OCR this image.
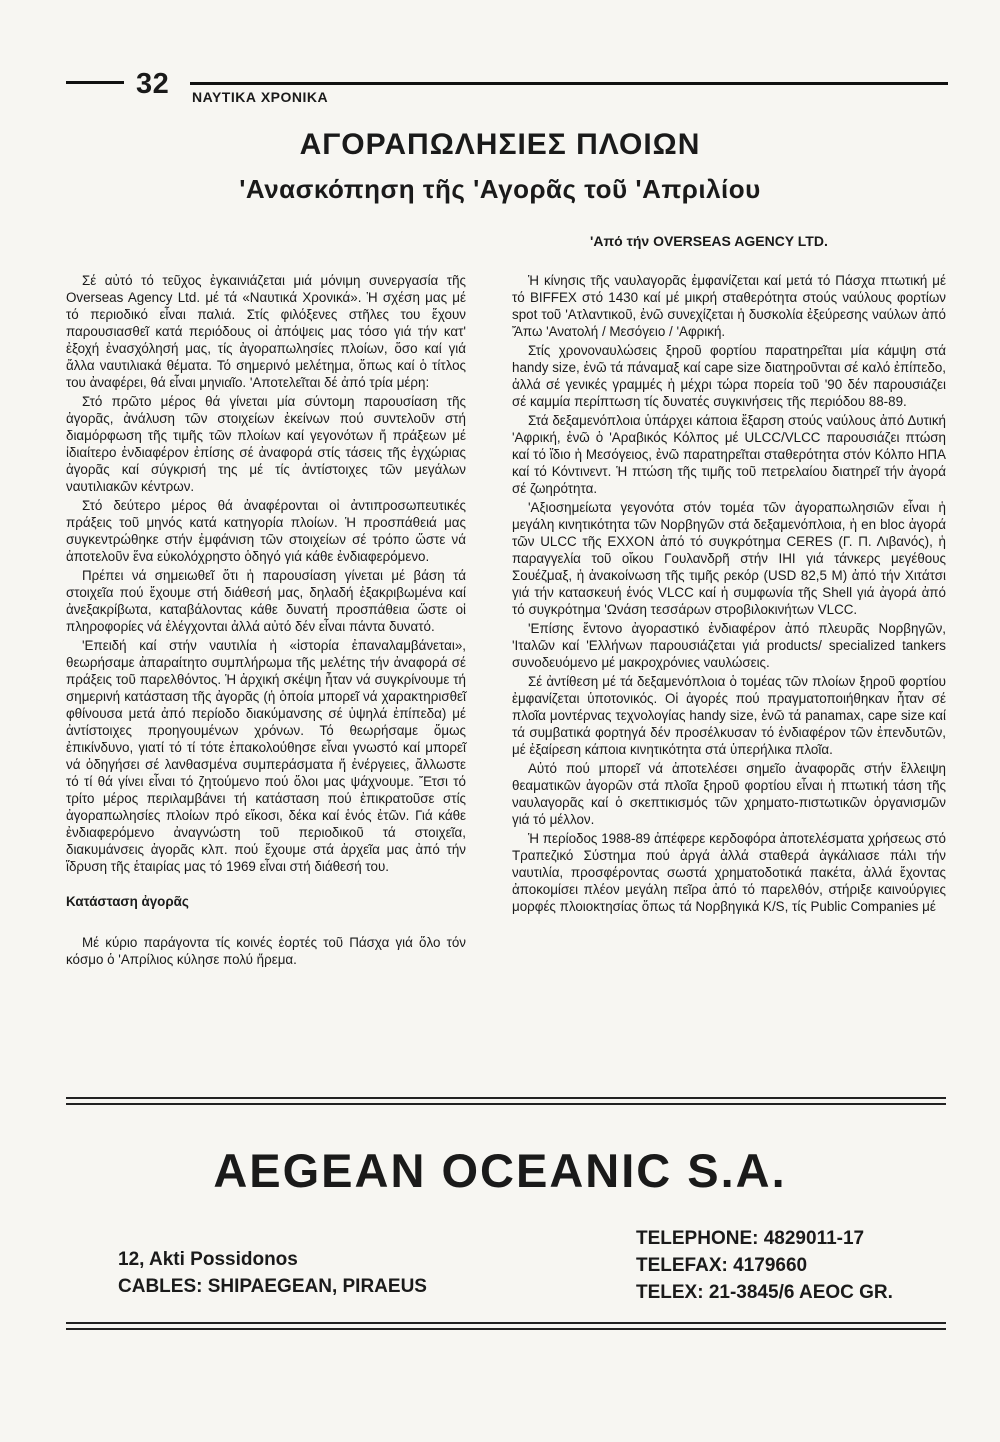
32 ΝΑΥΤΙΚΑ ΧΡΟΝΙΚΑ
ΑΓΟΡΑΠΩΛΗΣΙΕΣ ΠΛΟΙΩΝ
'Ανασκόπηση τῆς 'Αγορᾶς τοῦ 'Απριλίου
'Από τήν OVERSEAS AGENCY LTD.

Σέ αὐτό τό τεῦχος ἐγκαινιάζεται μιά μόνιμη συνεργασία τῆς Overseas Agency Ltd. μέ τά «Ναυτικά Χρονικά». Ἡ σχέση μας μέ τό περιοδικό εἶναι παλιά. Στίς φιλόξενες στῆλες του ἔχουν παρουσιασθεῖ κατά περιόδους οἱ ἀπόψεις μας τόσο γιά τήν κατ' ἐξοχή ἐνασχόλησή μας, τίς ἀγοραπωλησίες πλοίων, ὅσο καί γιά ἄλλα ναυτιλιακά θέματα. Τό σημερινό μελέτημα, ὅπως καί ὁ τίτλος του ἀναφέρει, θά εἶναι μηνιαῖο. 'Αποτελεῖται δέ ἀπό τρία μέρη:

Στό πρῶτο μέρος θά γίνεται μία σύντομη παρουσίαση τῆς ἀγορᾶς, ἀνάλυση τῶν στοιχείων ἐκείνων πού συντελοῦν στή διαμόρφωση τῆς τιμῆς τῶν πλοίων καί γεγονότων ἤ πράξεων μέ ἰδιαίτερο ἐνδιαφέρον ἐπίσης σέ ἀναφορά στίς τάσεις τῆς ἐγχώριας ἀγορᾶς καί σύγκρισή της μέ τίς ἀντίστοιχες τῶν μεγάλων ναυτιλιακῶν κέντρων.

Στό δεύτερο μέρος θά ἀναφέρονται οἱ ἀντιπροσωπευτικές πράξεις τοῦ μηνός κατά κατηγορία πλοίων. Ἡ προσπάθειά μας συγκεντρώθηκε στήν ἐμφάνιση τῶν στοιχείων σέ τρόπο ὥστε νά ἀποτελοῦν ἕνα εὐκολόχρηστο ὁδηγό γιά κάθε ἐνδιαφερόμενο.

Πρέπει νά σημειωθεῖ ὅτι ἡ παρουσίαση γίνεται μέ βάση τά στοιχεῖα πού ἔχουμε στή διάθεσή μας, δηλαδή ἐξακριβωμένα καί ἀνεξακρίβωτα, καταβάλοντας κάθε δυνατή προσπάθεια ὥστε οἱ πληροφορίες νά ἐλέγχονται ἀλλά αὐτό δέν εἶναι πάντα δυνατό.

'Επειδή καί στήν ναυτιλία ἡ «ἱστορία ἐπαναλαμβάνεται», θεωρήσαμε ἀπαραίτητο συμπλήρωμα τῆς μελέτης τήν ἀναφορά σέ πράξεις τοῦ παρελθόντος. Ἡ ἀρχική σκέψη ἦταν νά συγκρίνουμε τή σημερινή κατάσταση τῆς ἀγορᾶς (ἡ ὁποία μπορεῖ νά χαρακτηρισθεῖ φθίνουσα μετά ἀπό περίοδο διακύμανσης σέ ὑψηλά ἐπίπεδα) μέ ἀντίστοιχες προηγουμένων χρόνων. Τό θεωρήσαμε ὅμως ἐπικίνδυνο, γιατί τό τί τότε ἐπακολούθησε εἶναι γνωστό καί μπορεῖ νά ὁδηγήσει σέ λανθασμένα συμπεράσματα ἤ ἐνέργειες, ἄλλωστε τό τί θά γίνει εἶναι τό ζητούμενο πού ὅλοι μας ψάχνουμε. Ἔτσι τό τρίτο μέρος περιλαμβάνει τή κατάσταση πού ἐπικρατοῦσε στίς ἀγοραπωλησίες πλοίων πρό εἴκοσι, δέκα καί ἑνός ἐτῶν. Γιά κάθε ἐνδιαφερόμενο ἀναγνώστη τοῦ περιοδικοῦ τά στοιχεῖα, διακυμάνσεις ἀγορᾶς κλπ. πού ἔχουμε στά ἀρχεῖα μας ἀπό τήν ἵδρυση τῆς ἑταιρίας μας τό 1969 εἶναι στή διάθεσή του.

Κατάσταση ἀγορᾶς

Μέ κύριο παράγοντα τίς κοινές ἑορτές τοῦ Πάσχα γιά ὅλο τόν κόσμο ὁ 'Απρίλιος κύλησε πολύ ἤρεμα.

Ἡ κίνησις τῆς ναυλαγορᾶς ἐμφανίζεται καί μετά τό Πάσχα πτωτική μέ τό BIFFEX στό 1430 καί μέ μικρή σταθερότητα στούς ναύλους φορτίων spot τοῦ 'Ατλαντικοῦ, ἐνῶ συνεχίζεται ἡ δυσκολία ἐξεύρεσης ναύλων ἀπό Ἄπω 'Ανατολή / Μεσόγειο / 'Αφρική.

Στίς χρονοναυλώσεις ξηροῦ φορτίου παρατηρεῖται μία κάμψη στά handy size, ἐνῶ τά πάναμαξ καί cape size διατηροῦνται σέ καλό ἐπίπεδο, ἀλλά σέ γενικές γραμμές ἡ μέχρι τώρα πορεία τοῦ '90 δέν παρουσιάζει σέ καμμία περίπτωση τίς δυνατές συγκινήσεις τῆς περιόδου 88-89.

Στά δεξαμενόπλοια ὑπάρχει κάποια ἔξαρση στούς ναύλους ἀπό Δυτική 'Αφρική, ἐνῶ ὁ 'Αραβικός Κόλπος μέ ULCC/VLCC παρουσιάζει πτώση καί τό ἴδιο ἡ Μεσόγειος, ἐνῶ παρατηρεῖται σταθερότητα στόν Κόλπο ΗΠΑ καί τό Κόντινεντ. Ἡ πτώση τῆς τιμῆς τοῦ πετρελαίου διατηρεῖ τήν ἀγορά σέ ζωηρότητα.

'Αξιοσημείωτα γεγονότα στόν τομέα τῶν ἀγοραπωλησιῶν εἶναι ἡ μεγάλη κινητικότητα τῶν Νορβηγῶν στά δεξαμενόπλοια, ἡ en bloc ἀγορά τῶν ULCC τῆς EXXON ἀπό τό συγκρότημα CERES (Γ. Π. Λιβανός), ἡ παραγγελία τοῦ οἴκου Γουλανδρῆ στήν IHI γιά τάνκερς μεγέθους Σουέζμαξ, ἡ ἀνακοίνωση τῆς τιμῆς ρεκόρ (USD 82,5 M) ἀπό τήν Χιτάτσι γιά τήν κατασκευή ἑνός VLCC καί ἡ συμφωνία τῆς Shell γιά ἀγορά ἀπό τό συγκρότημα 'Ωνάση τεσσάρων στροβιλοκινήτων VLCC.

'Επίσης ἔντονο ἀγοραστικό ἐνδιαφέρον ἀπό πλευρᾶς Νορβηγῶν, 'Ιταλῶν καί 'Ελλήνων παρουσιάζεται γιά products/ specialized tankers συνοδευόμενο μέ μακροχρόνιες ναυλώσεις.

Σέ ἀντίθεση μέ τά δεξαμενόπλοια ὁ τομέας τῶν πλοίων ξηροῦ φορτίου ἐμφανίζεται ὑποτονικός. Οἱ ἀγορές πού πραγματοποιήθηκαν ἦταν σέ πλοῖα μοντέρνας τεχνολογίας handy size, ἐνῶ τά panamax, cape size καί τά συμβατικά φορτηγά δέν προσέλκυσαν τό ἐνδιαφέρον τῶν ἐπενδυτῶν, μέ ἐξαίρεση κάποια κινητικότητα στά ὑπερήλικα πλοῖα.

Αὐτό πού μπορεῖ νά ἀποτελέσει σημεῖο ἀναφορᾶς στήν ἔλλειψη θεαματικῶν ἀγορῶν στά πλοῖα ξηροῦ φορτίου εἶναι ἡ πτωτική τάση τῆς ναυλαγορᾶς καί ὁ σκεπτικισμός τῶν χρηματο-πιστωτικῶν ὀργανισμῶν γιά τό μέλλον.

Ἡ περίοδος 1988-89 ἀπέφερε κερδοφόρα ἀποτελέσματα χρήσεως στό Τραπεζικό Σύστημα πού ἀργά ἀλλά σταθερά ἀγκάλιασε πάλι τήν ναυτιλία, προσφέροντας σωστά χρηματοδοτικά πακέτα, ἀλλά ἔχοντας ἀποκομίσει πλέον μεγάλη πεῖρα ἀπό τό παρελθόν, στήριξε καινούργιες μορφές πλοιοκτησίας ὅπως τά Νορβηγικά K/S, τίς Public Companies μέ

AEGEAN OCEANIC S.A.
12, Akti Possidonos
CABLES: SHIPAEGEAN, PIRAEUS
TELEPHONE: 4829011-17
TELEFAX: 4179660
TELEX: 21-3845/6 AEOC GR.
